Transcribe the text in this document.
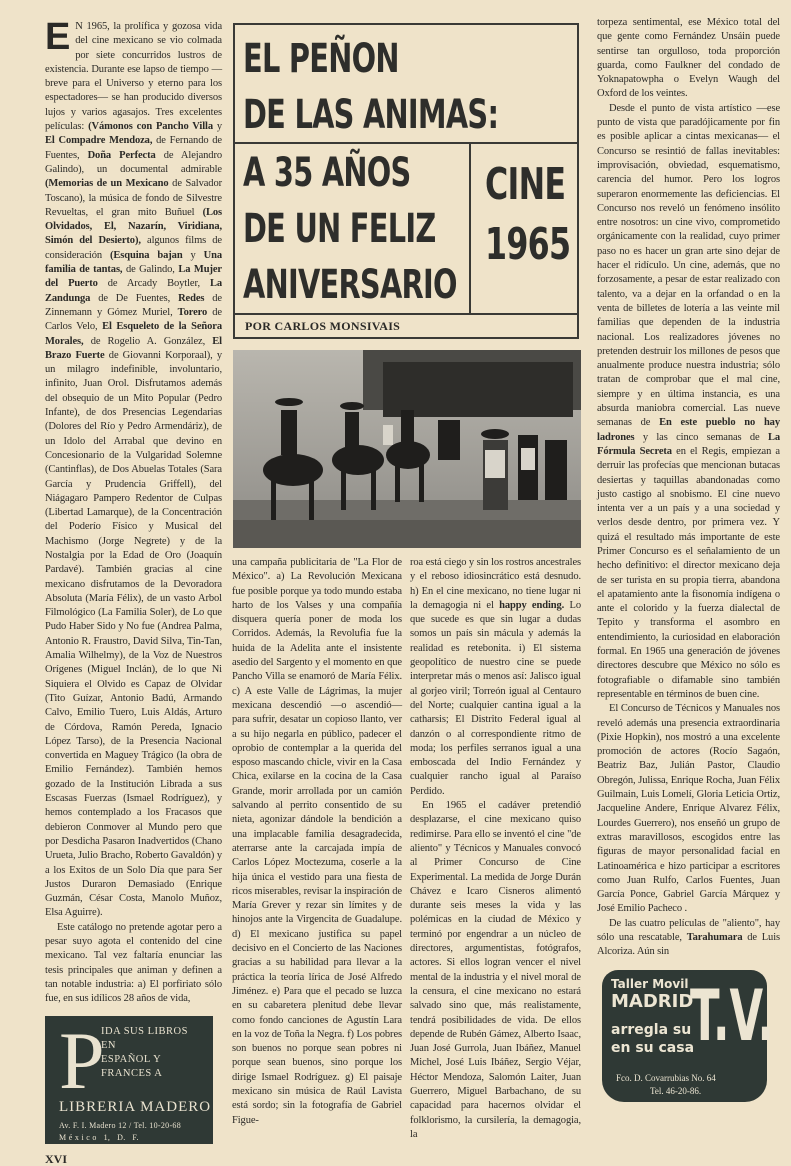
E N 1965, la prolífica y gozosa vida del cine mexicano se vio colmada por siete concurridos lustros de existencia. Durante ese lapso de tiempo —breve para el Universo y eterno para los espectadores— se han producido diversos lujos y varios agasajos. Tres excelentes películas: (Vámonos con Pancho Villa y El Compadre Mendoza, de Fernando de Fuentes, Doña Perfecta de Alejandro Galindo), un documental admirable (Memorias de un Mexicano de Salvador Toscano), la música de fondo de Silvestre Revueltas, el gran mito Buñuel (Los Olvidados, El, Nazarín, Viridiana, Simón del Desierto), algunos films de consideración (Esquina bajan y Una familia de tantas, de Galindo, La Mujer del Puerto de Arcady Boytler, La Zandunga de De Fuentes, Redes de Zinnemann y Gómez Muriel, Torero de Carlos Velo, El Esqueleto de la Señora Morales, de Rogelio A. González, El Brazo Fuerte de Giovanni Korporaal), y un milagro indefinible, involuntario, infinito, Juan Orol. Disfrutamos además del obsequio de un Mito Popular (Pedro Infante), de dos Presencias Legendarias (Dolores del Río y Pedro Armendáriz), de un Idolo del Arrabal que devino en Concesionario de la Vulgaridad Solemne (Cantinflas), de Dos Abuelas Totales (Sara García y Prudencia Griffell), del Niágagaro Pampero Redentor de Culpas (Libertad Lamarque), de la Concentración del Poderío Físico y Musical del Machismo (Jorge Negrete) y de la Nostalgia por la Edad de Oro (Joaquín Pardavé). También gracias al cine mexicano disfrutamos de la Devoradora Absoluta (María Félix), de un vasto Arbol Filmológico (La Familia Soler), de Lo que Pudo Haber Sido y No fue (Andrea Palma, Antonio R. Fraustro, David Silva, Tin-Tan, Amalia Wilhelmy), de la Voz de Nuestros Orígenes (Miguel Inclán), de lo que Ni Siquiera el Olvido es Capaz de Olvidar (Tito Guízar, Antonio Badú, Armando Calvo, Emilio Tuero, Luis Aldás, Arturo de Córdova, Ramón Pereda, Ignacio López Tarso), de la Presencia Nacional convertida en Maguey Trágico (la obra de Emilio Fernández). También hemos gozado de la Institución Librada a sus Escasas Fuerzas (Ismael Rodríguez), y hemos contemplado a los Fracasos que debieron Conmover al Mundo pero que por Desdicha Pasaron Inadvertidos (Chano Urueta, Julio Bracho, Roberto Gavaldón) y a los Exitos de un Solo Día que para Ser Justos Duraron Demasiado (Enrique Guzmán, César Costa, Manolo Muñoz, Elsa Aguirre).

Este catálogo no pretende agotar pero a pesar suyo agota el contenido del cine mexicano. Tal vez faltaría enunciar las tesis principales que animan y definen a tan notable industria: a) El porfiriato sólo fue, en sus idílicos 28 años de vida,

P
IDA SUS LIBROS
EN
ESPAÑOL Y
FRANCES A
LIBRERIA MADERO
Av. F. I. Madero 12 / Tel. 10-20-68
M é x i c o   1,   D.   F.
XVI
EL PEÑON
DE LAS ANIMAS:
A 35 AÑOS
DE UN FELIZ
ANIVERSARIO
CINE
1965
POR CARLOS MONSIVAIS

una campaña publicitaria de "La Flor de México". a) La Revolución Mexicana fue posible porque ya todo mundo estaba harto de los Valses y una compañía disquera quería poner de moda los Corridos. Además, la Revolufia fue la huida de la Adelita ante el insistente asedio del Sargento y el momento en que Pancho Villa se enamoró de María Félix. c) A este Valle de Lágrimas, la mujer mexicana descendió —o ascendió— para sufrir, desatar un copioso llanto, ver a su hijo negarla en público, padecer el oprobio de contemplar a la querida del esposo mascando chicle, vivir en la Casa Chica, exilarse en la cocina de la Casa Grande, morir arrollada por un camión salvando al perrito consentido de su nieta, agonizar dándole la bendición a una implacable familia desagradecida, aterrarse ante la carcajada impía de Carlos López Moctezuma, coserle a la hija única el vestido para una fiesta de ricos miserables, revisar la inspiración de María Grever y rezar sin límites y de hinojos ante la Virgencita de Guadalupe. d) El mexicano justifica su papel decisivo en el Concierto de las Naciones gracias a su habilidad para llevar a la práctica la teoría lírica de José Alfredo Jiménez. e) Para que el pecado se luzca en su cabaretera plenitud debe llevar como fondo canciones de Agustín Lara en la voz de Toña la Negra. f) Los pobres son buenos no porque sean pobres ni porque sean buenos, sino porque los dirige Ismael Rodríguez. g) El paisaje mexicano sin música de Raúl Lavista está sordo; sin la fotografía de Gabriel Figue-

roa está ciego y sin los rostros ancestrales y el reboso idiosincrático está desnudo. h) En el cine mexicano, no tiene lugar ni la demagogia ni el happy ending. Lo que sucede es que sin lugar a dudas somos un país sin mácula y además la realidad es retebonita. i) El sistema geopolítico de nuestro cine se puede interpretar más o menos así: Jalisco igual al gorjeo viril; Torreón igual al Centauro del Norte; cualquier cantina igual a la catharsis; El Distrito Federal igual al danzón o al correspondiente ritmo de moda; los perfiles serranos igual a una emboscada del Indio Fernández y cualquier rancho igual al Paraíso Perdido.

En 1965 el cadáver pretendió desplazarse, el cine mexicano quiso redimirse. Para ello se inventó el cine "de aliento" y Técnicos y Manuales convocó al Primer Concurso de Cine Experimental. La medida de Jorge Durán Chávez e Icaro Cisneros alimentó durante seis meses la vida y las polémicas en la ciudad de México y terminó por engendrar a un núcleo de directores, argumentistas, fotógrafos, actores. Si ellos logran vencer el nivel mental de la industria y el nivel moral de la censura, el cine mexicano no estará salvado sino que, más realistamente, tendrá posibilidades de vida. De ellos depende de Rubén Gámez, Alberto Isaac, Juan José Gurrola, Juan Ibáñez, Manuel Michel, José Luis Ibáñez, Sergio Véjar, Héctor Mendoza, Salomón Laiter, Juan Guerrero, Miguel Barbachano, de su capacidad para hacernos olvidar el folklorismo, la cursilería, la demagogia, la

torpeza sentimental, ese México total del que gente como Fernández Unsáin puede sentirse tan orgulloso, toda proporción guarda, como Faulkner del condado de Yoknapatowpha o Evelyn Waugh del Oxford de los veintes.

Desde el punto de vista artístico —ese punto de vista que paradójicamente por fin es posible aplicar a cintas mexicanas— el Concurso se resintió de fallas inevitables: improvisación, obviedad, esquematismo, carencia del humor. Pero los logros superaron enormemente las deficiencias. El Concurso nos reveló un fenómeno insólito entre nosotros: un cine vivo, comprometido orgánicamente con la realidad, cuyo primer paso no es hacer un gran arte sino dejar de hacer el ridículo. Un cine, además, que no forzosamente, a pesar de estar realizado con talento, va a dejar en la orfandad o en la venta de billetes de lotería a las veinte mil familias que dependen de la industria nacional. Los realizadores jóvenes no pretenden destruir los millones de pesos que anualmente produce nuestra industria; sólo tratan de comprobar que el mal cine, siempre y en última instancia, es una absurda maniobra comercial. Las nueve semanas de En este pueblo no hay ladrones y las cinco semanas de La Fórmula Secreta en el Regis, empiezan a derruir las profecías que mencionan butacas desiertas y taquillas abandonadas como justo castigo al snobismo. El cine nuevo intenta ver a un país y a una sociedad y verlos desde dentro, por primera vez. Y quizá el resultado más importante de este Primer Concurso es el señalamiento de un hecho definitivo: el director mexicano deja de ser turista en su propia tierra, abandona el apatamiento ante la fisonomía indígena o ante el colorido y la fuerza dialectal de Tepito y transforma el asombro en entendimiento, la curiosidad en elaboración formal. En 1965 una generación de jóvenes directores descubre que México no sólo es fotografiable o difamable sino también representable en términos de buen cine.

El Concurso de Técnicos y Manuales nos reveló además una presencia extraordinaria (Pixie Hopkin), nos mostró a una excelente promoción de actores (Rocío Sagaón, Beatriz Baz, Julián Pastor, Claudio Obregón, Julissa, Enrique Rocha, Juan Félix Guilmain, Luis Lomelí, Gloria Leticia Ortiz, Jacqueline Andere, Enrique Alvarez Félix, Lourdes Guerrero), nos enseñó un grupo de extras maravillosos, escogidos entre las figuras de mayor personalidad facial en Latinoamérica e hizo participar a escritores como Juan Rulfo, Carlos Fuentes, Juan García Ponce, Gabriel García Márquez y José Emilio Pacheco .

De las cuatro películas de "aliento", hay sólo una rescatable, Tarahumara de Luis Alcoriza. Aún sin

Taller Movil
MADRID
arregla su
en su casa
T.V.
Fco. D. Covarrubias No. 64
Tel. 46-20-86.
